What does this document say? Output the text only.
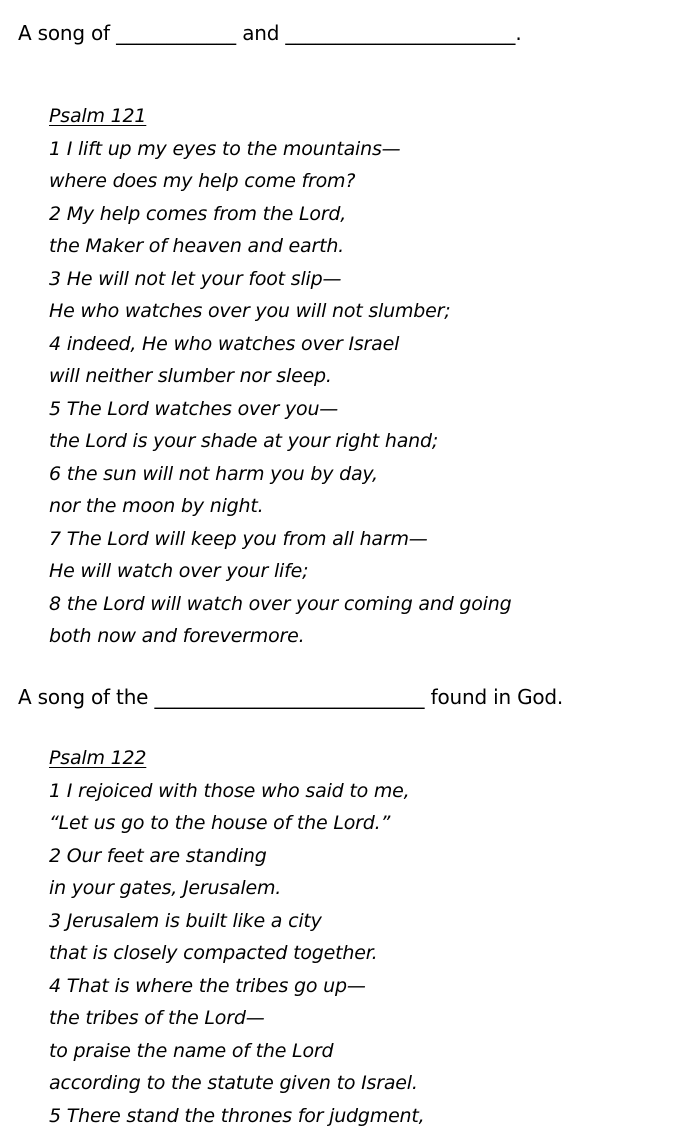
A song of ____________ and _______________________.
Psalm 121
1 I lift up my eyes to the mountains—
where does my help come from?
2 My help comes from the Lord,
the Maker of heaven and earth.
3 He will not let your foot slip—
He who watches over you will not slumber;
4 indeed, He who watches over Israel
will neither slumber nor sleep.
5 The Lord watches over you—
the Lord is your shade at your right hand;
6 the sun will not harm you by day,
nor the moon by night.
7 The Lord will keep you from all harm—
He will watch over your life;
8 the Lord will watch over your coming and going
both now and forevermore.
A song of the ___________________________ found in God.
Psalm 122
1 I rejoiced with those who said to me,
“Let us go to the house of the Lord.”
2 Our feet are standing
in your gates, Jerusalem.
3 Jerusalem is built like a city
that is closely compacted together.
4 That is where the tribes go up—
the tribes of the Lord—
to praise the name of the Lord
according to the statute given to Israel.
5 There stand the thrones for judgment,
